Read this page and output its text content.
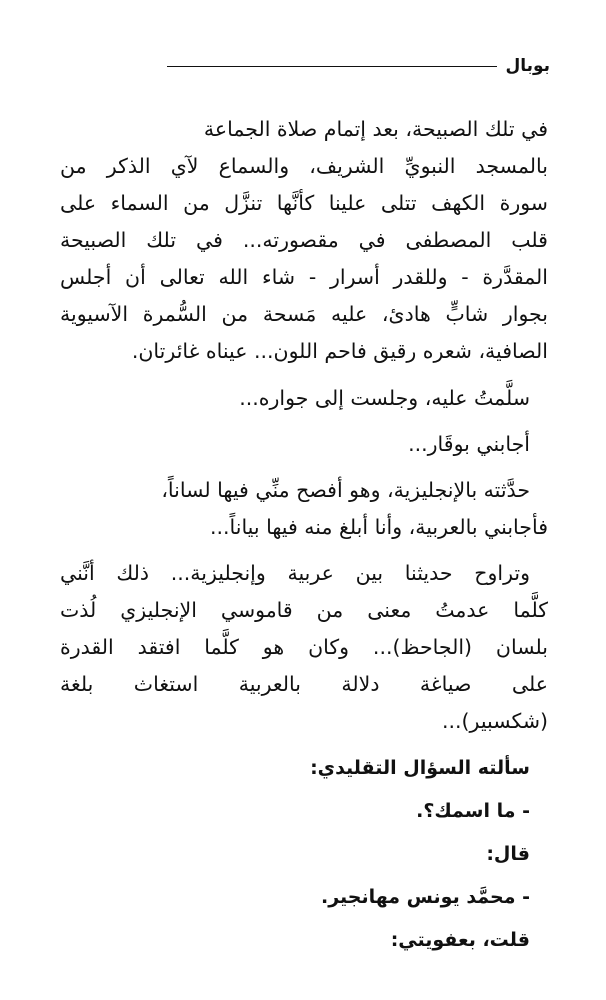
بوبال

في تلك الصبيحة، بعد إتمام صلاة الجماعة

بالمسجد النبويِّ الشريف، والسماع لآي الذكر من

سورة الكهف تتلى علينا كأنَّها تنزَّل من السماء على

قلب المصطفى في مقصورته... في تلك الصبيحة

المقدَّرة - وللقدر أسرار - شاء الله تعالى أن أجلس

بجوار شابٍّ هادئ، عليه مَسحة من السُّمرة الآسيوية

الصافية، شعره رقيق فاحم اللون... عيناه غائرتان.

سلَّمتُ عليه، وجلست إلى جواره...

أجابني بوقَار...

حدَّثته بالإنجليزية، وهو أفصح منِّي فيها لساناً،

فأجابني بالعربية، وأنا أبلغ منه فيها بياناً...

وتراوح حديثنا بين عربية وإنجليزية... ذلك أنَّني

كلَّما عدمتُ معنى من قاموسي الإنجليزي لُذت

بلسان (الجاحظ)... وكان هو كلَّما افتقد القدرة

على صياغة دلالة بالعربية استغاث بلغة

(شكسبير)...

سألته السؤال التقليدي:

- ما اسمك؟.

قال:

- محمَّد يونس مهانجير.

قلت، بعفويتي:
